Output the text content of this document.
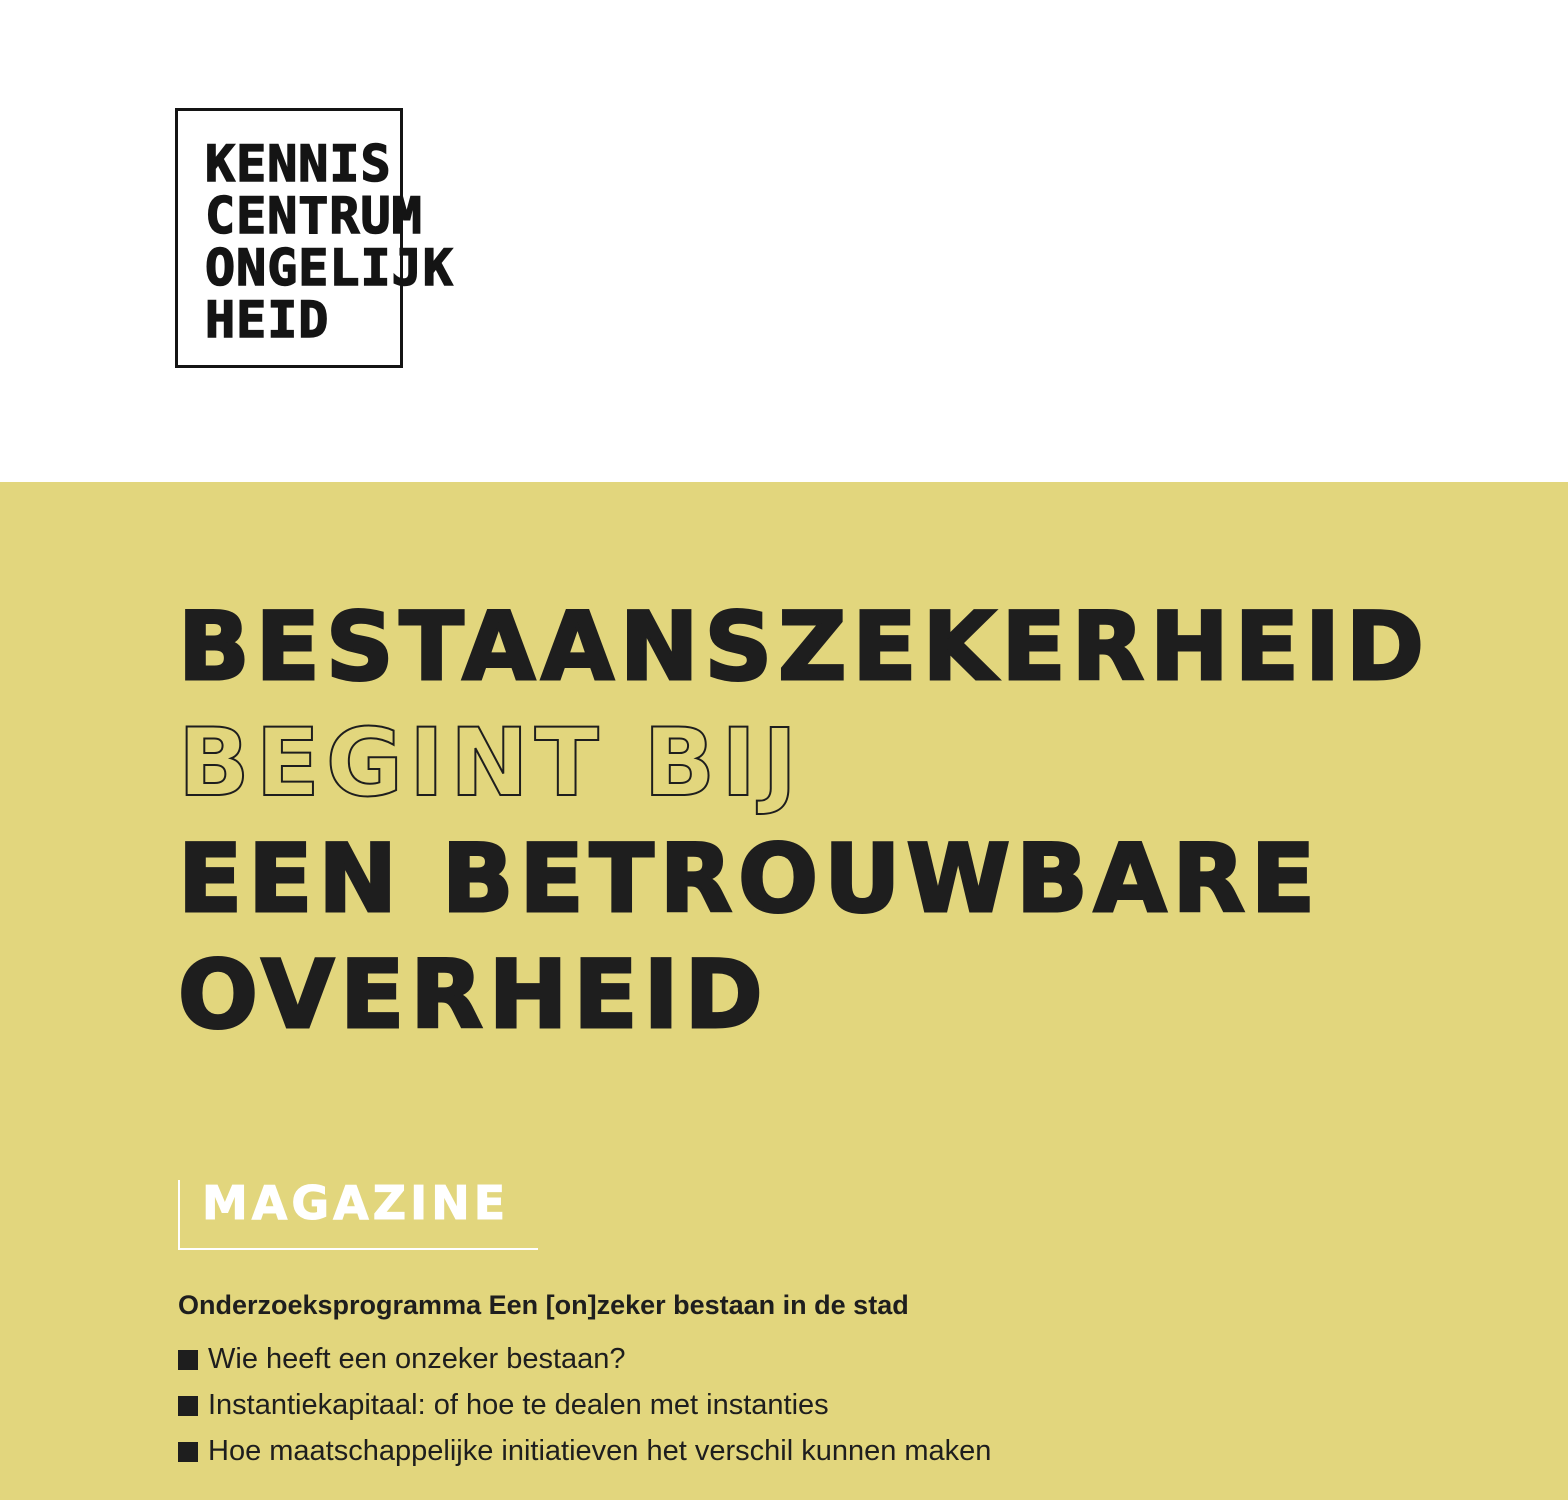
KENNIS
CENTRUM
ONGELIJK
HEID

BESTAANSZEKERHEID
BEGINT BIJ
EEN BETROUWBARE
OVERHEID
MAGAZINE
Onderzoeksprogramma Een [on]zeker bestaan in de stad
Wie heeft een onzeker bestaan?
Instantiekapitaal: of hoe te dealen met instanties
Hoe maatschappelijke initiatieven het verschil kunnen maken
